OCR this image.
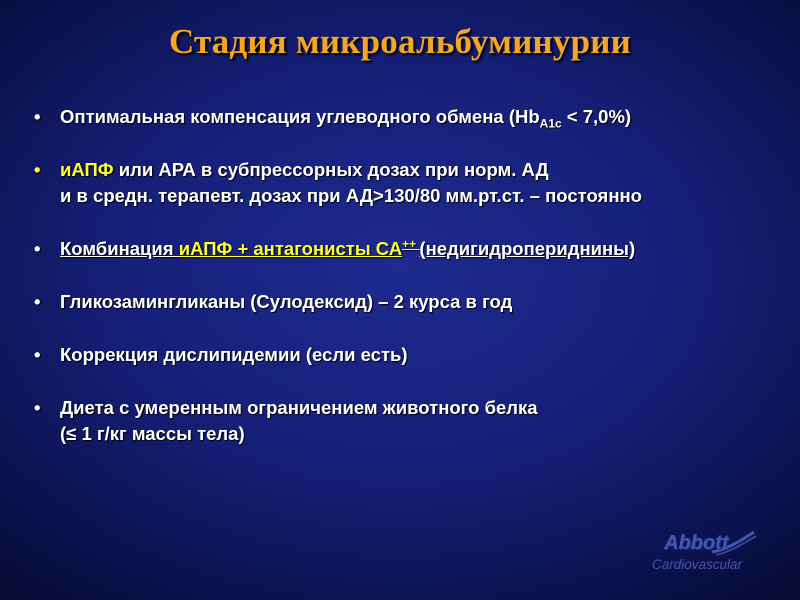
Стадия микроальбуминурии
• Оптимальная компенсация углеводного обмена $(Hb_{A1c} < 7,0\%)$
• иАПФ или АРА в субпрессорных дозах при норм. АД
и в средн. терапевт. дозах при АД>130/80 мм.рт.ст. – постоянно
• Комбинация иАПФ + антагонисты СА++ (недигидропериднины)
• Гликозамингликаны (Сулодексид) – 2 курса в год
• Коррекция дислипидемии (если есть)
• Диета с умеренным ограничением животного белка
(≤ 1 г/кг массы тела)
Abbott
Cardiovascular
